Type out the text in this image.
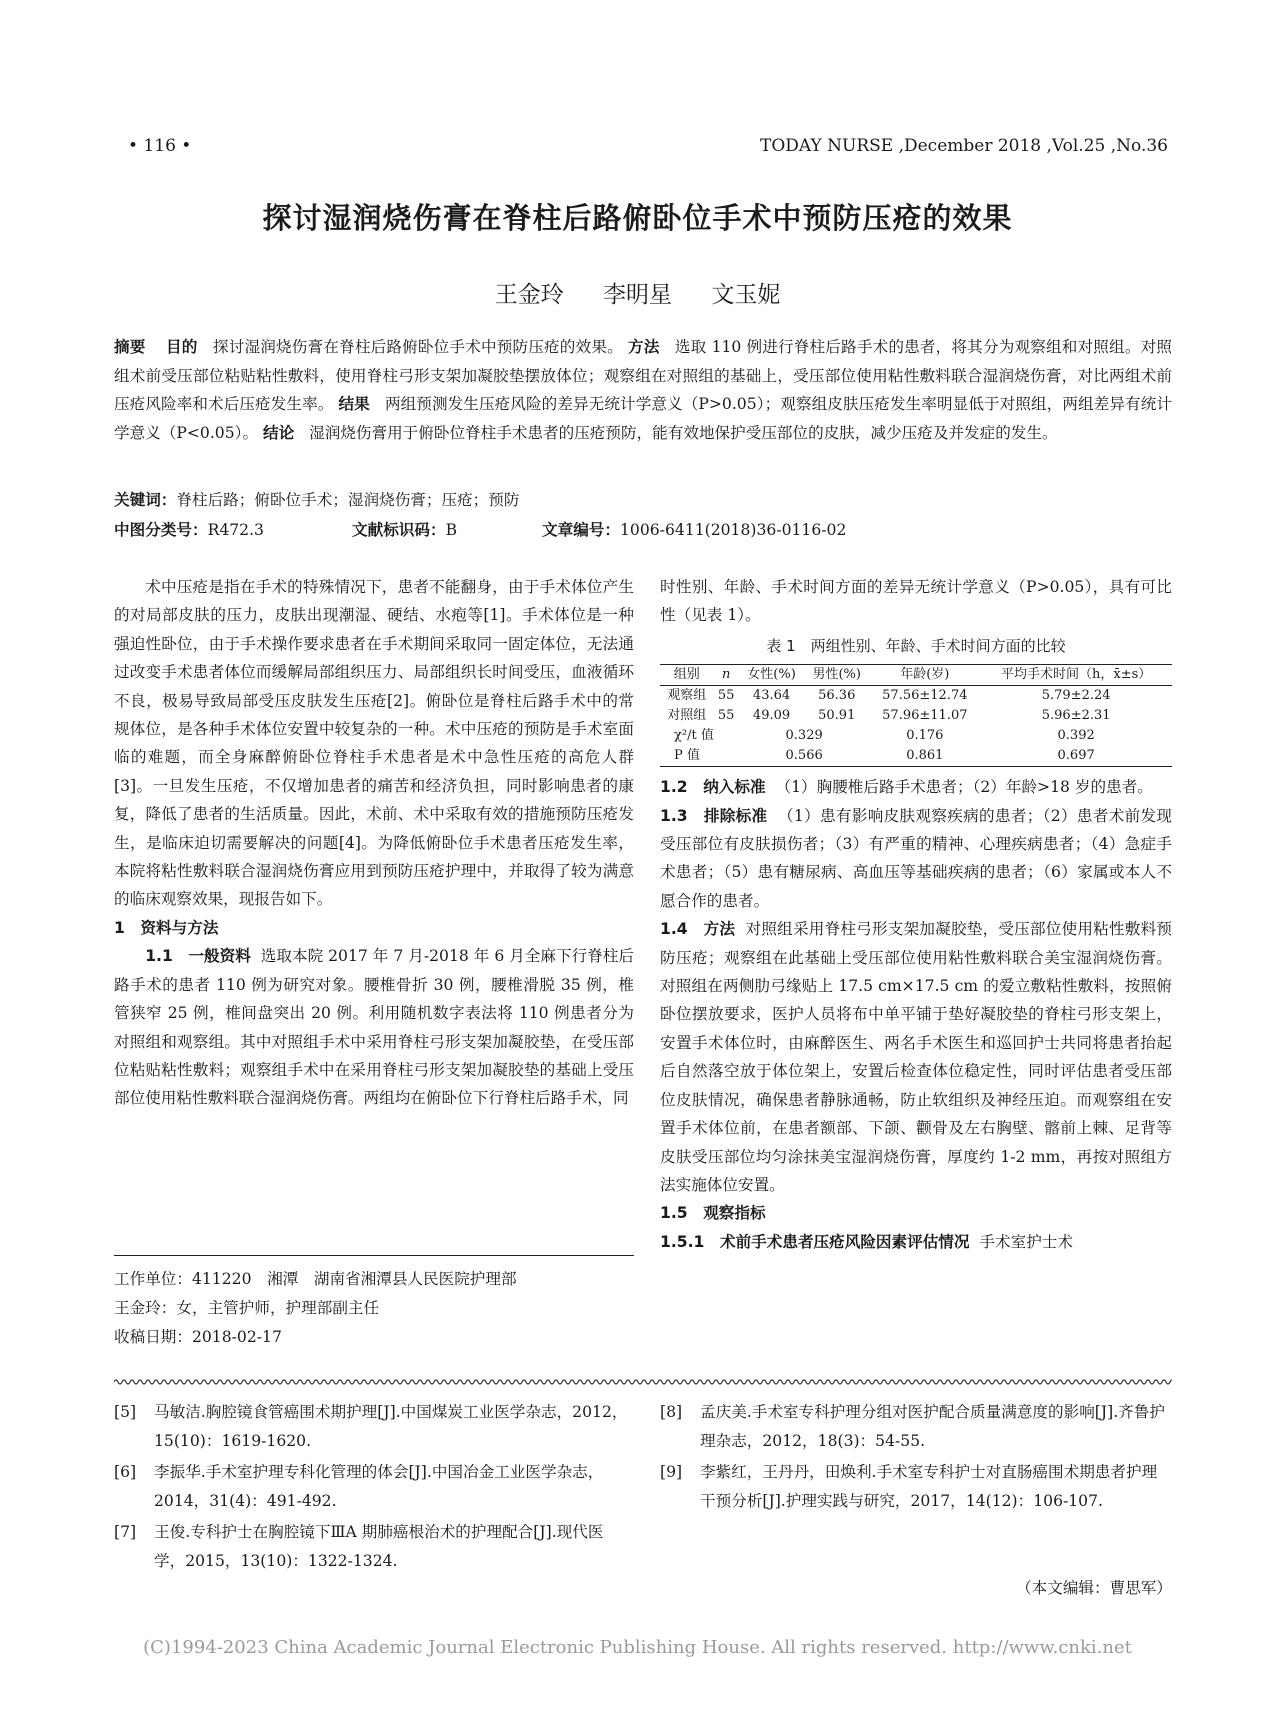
• 116 •	TODAY NURSE ,December 2018 ,Vol.25 ,No.36
探讨湿润烧伤膏在脊柱后路俯卧位手术中预防压疮的效果
王金玲 李明星 文玉妮
摘要 目的 探讨湿润烧伤膏在脊柱后路俯卧位手术中预防压疮的效果。 方法 选取 110 例进行脊柱后路手术的患者，将其分为观察组和对照组。对照组术前受压部位粘贴粘性敷料，使用脊柱弓形支架加凝胶垫摆放体位；观察组在对照组的基础上，受压部位使用粘性敷料联合湿润烧伤膏，对比两组术前压疮风险率和术后压疮发生率。 结果 两组预测发生压疮风险的差异无统计学意义（P>0.05）；观察组皮肤压疮发生率明显低于对照组，两组差异有统计学意义（P<0.05）。 结论 湿润烧伤膏用于俯卧位脊柱手术患者的压疮预防，能有效地保护受压部位的皮肤，减少压疮及并发症的发生。
关键词：脊柱后路；俯卧位手术；湿润烧伤膏；压疮；预防
中图分类号：R472.3	文献标识码：B	文章编号：1006-6411(2018)36-0116-02

术中压疮是指在手术的特殊情况下，患者不能翻身，由于手术体位产生的对局部皮肤的压力，皮肤出现潮湿、硬结、水疱等[1]。手术体位是一种强迫性卧位，由于手术操作要求患者在手术期间采取同一固定体位，无法通过改变手术患者体位而缓解局部组织压力、局部组织长时间受压，血液循环不良，极易导致局部受压皮肤发生压疮[2]。俯卧位是脊柱后路手术中的常规体位，是各种手术体位安置中较复杂的一种。术中压疮的预防是手术室面临的难题，而全身麻醉俯卧位脊柱手术患者是术中急性压疮的高危人群[3]。一旦发生压疮，不仅增加患者的痛苦和经济负担，同时影响患者的康复，降低了患者的生活质量。因此，术前、术中采取有效的措施预防压疮发生，是临床迫切需要解决的问题[4]。为降低俯卧位手术患者压疮发生率，本院将粘性敷料联合湿润烧伤膏应用到预防压疮护理中，并取得了较为满意的临床观察效果，现报告如下。

1　资料与方法

1.1　一般资料 选取本院 2017 年 7 月-2018 年 6 月全麻下行脊柱后路手术的患者 110 例为研究对象。腰椎骨折 30 例，腰椎滑脱 35 例，椎管狭窄 25 例，椎间盘突出 20 例。利用随机数字表法将 110 例患者分为对照组和观察组。其中对照组手术中采用脊柱弓形支架加凝胶垫，在受压部位粘贴粘性敷料；观察组手术中在采用脊柱弓形支架加凝胶垫的基础上受压部位使用粘性敷料联合湿润烧伤膏。两组均在俯卧位下行脊柱后路手术，同

时性别、年龄、手术时间方面的差异无统计学意义（P>0.05），具有可比性（见表 1）。

表 1　两组性别、年龄、手术时间方面的比较
组别	n	女性(%)	男性(%)	年龄(岁)	平均手术时间（h，x̄±s）
观察组	55	43.64	56.36	57.56±12.74	5.79±2.24
对照组	55	49.09	50.91	57.96±11.07	5.96±2.31
χ²/t 值		0.329		0.176	0.392
P 值		0.566		0.861	0.697

1.2　纳入标准 （1）胸腰椎后路手术患者；（2）年龄>18 岁的患者。

1.3　排除标准 （1）患有影响皮肤观察疾病的患者；（2）患者术前发现受压部位有皮肤损伤者；（3）有严重的精神、心理疾病患者；（4）急症手术患者；（5）患有糖尿病、高血压等基础疾病的患者；（6）家属或本人不愿合作的患者。

1.4　方法 对照组采用脊柱弓形支架加凝胶垫，受压部位使用粘性敷料预防压疮；观察组在此基础上受压部位使用粘性敷料联合美宝湿润烧伤膏。对照组在两侧肋弓缘贴上 17.5 cm×17.5 cm 的爱立敷粘性敷料，按照俯卧位摆放要求，医护人员将布中单平铺于垫好凝胶垫的脊柱弓形支架上，安置手术体位时，由麻醉医生、两名手术医生和巡回护士共同将患者抬起后自然落空放于体位架上，安置后检查体位稳定性，同时评估患者受压部位皮肤情况，确保患者静脉通畅，防止软组织及神经压迫。而观察组在安置手术体位前，在患者额部、下颌、颧骨及左右胸壁、髂前上棘、足背等皮肤受压部位均匀涂抹美宝湿润烧伤膏，厚度约 1-2 mm，再按对照组方法实施体位安置。

1.5　观察指标

1.5.1　术前手术患者压疮风险因素评估情况 手术室护士术

工作单位：411220　湘潭　湖南省湘潭县人民医院护理部
王金玲：女，主管护师，护理部副主任
收稿日期：2018-02-17
[5] 马敏洁.胸腔镜食管癌围术期护理[J].中国煤炭工业医学杂志，2012，15(10)：1619-1620.
[6] 李振华.手术室护理专科化管理的体会[J].中国冶金工业医学杂志，2014，31(4)：491-492.
[7] 王俊.专科护士在胸腔镜下ⅢA 期肺癌根治术的护理配合[J].现代医学，2015，13(10)：1322-1324.
[8] 孟庆美.手术室专科护理分组对医护配合质量满意度的影响[J].齐鲁护理杂志，2012，18(3)：54-55.
[9] 李紫红，王丹丹，田焕利.手术室专科护士对直肠癌围术期患者护理干预分析[J].护理实践与研究，2017，14(12)：106-107.
（本文编辑：曹思军）
(C)1994-2023 China Academic Journal Electronic Publishing House. All rights reserved. http://www.cnki.net
